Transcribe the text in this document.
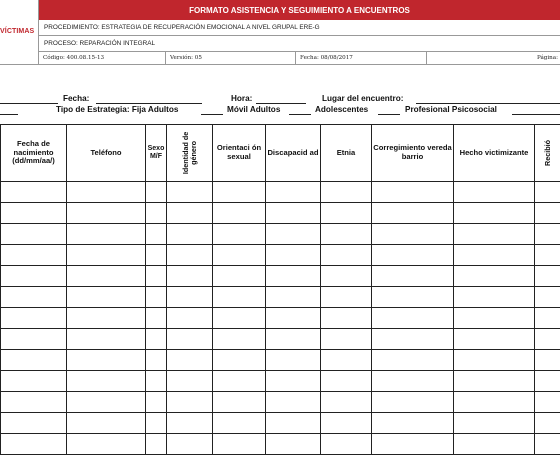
VÍCTIMAS
FORMATO ASISTENCIA Y SEGUIMIENTO A ENCUENTROS
PROCEDIMIENTO: ESTRATEGIA DE RECUPERACIÓN EMOCIONAL A NIVEL GRUPAL ERE-G
PROCESO: REPARACIÓN INTEGRAL
Código: 400.08.15-13	Versión: 05	Fecha: 08/08/2017	Página:
Fecha:	Hora:	Lugar del encuentro:
Tipo de Estrategia: Fija Adultos	Móvil Adultos	Adolescentes	Profesional Psicosocial
Fecha de nacimiento (dd/mm/aa/)	Teléfono	Sexo M/F	Identidad de género	Orientaci ón sexual	Discapacid ad	Etnia	Corregimiento vereda barrio	Hecho victimizante	Recibió
